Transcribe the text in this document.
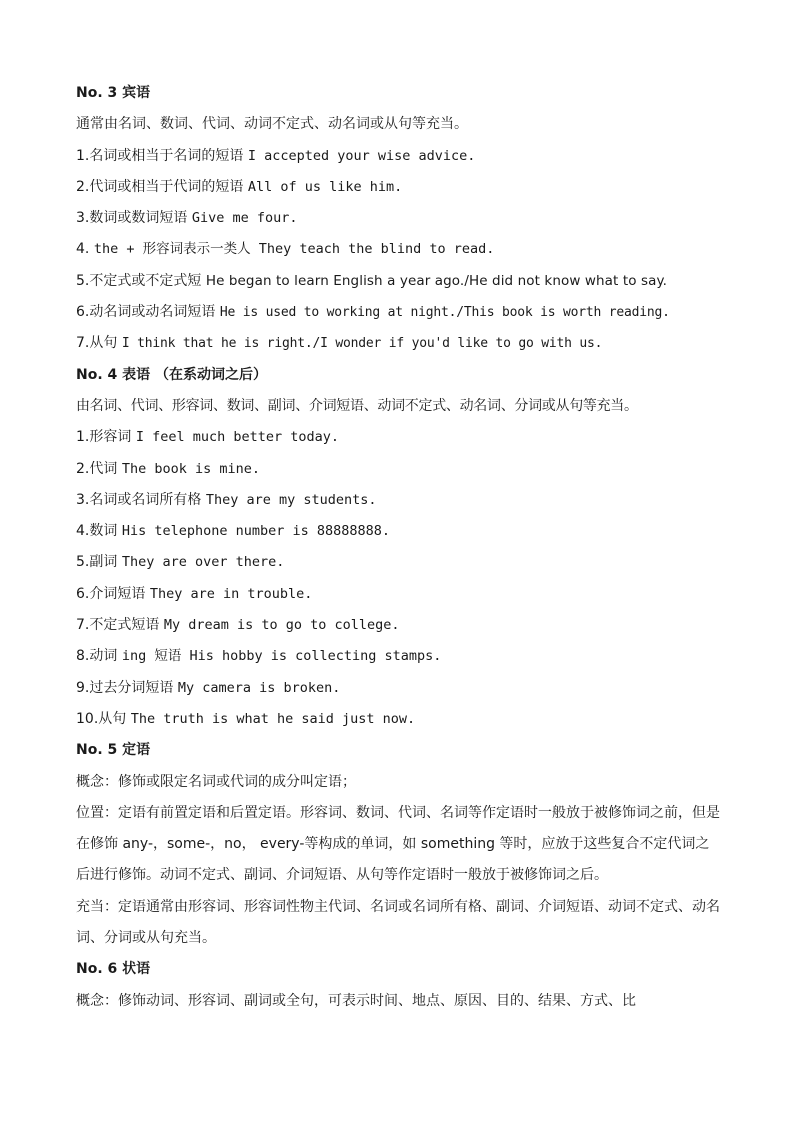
No. 3 宾语
通常由名词、数词、代词、动词不定式、动名词或从句等充当。
1.名词或相当于名词的短语 I accepted your wise advice.
2.代词或相当于代词的短语 All of us like him.
3.数词或数词短语 Give me four.
4. the + 形容词表示一类人 They teach the blind to read.
5.不定式或不定式短 He began to learn English a year ago./He did not know what to say.
6.动名词或动名词短语 He is used to working at night./This book is worth reading.
7.从句 I think that he is right./I wonder if you'd like to go with us.
No. 4 表语 （在系动词之后）
由名词、代词、形容词、数词、副词、介词短语、动词不定式、动名词、分词或从句等充当。
1.形容词 I feel much better today.
2.代词 The book is mine.
3.名词或名词所有格 They are my students.
4.数词 His telephone number is 88888888.
5.副词 They are over there.
6.介词短语 They are in trouble.
7.不定式短语 My dream is to go to college.
8.动词 ing 短语 His hobby is collecting stamps.
9.过去分词短语 My camera is broken.
10.从句 The truth is what he said just now.
No. 5 定语
概念：修饰或限定名词或代词的成分叫定语；
位置：定语有前置定语和后置定语。形容词、数词、代词、名词等作定语时一般放于被修饰词之前，但是在修饰 any-，some-，no， every-等构成的单词，如 something 等时，应放于这些复合不定代词之后进行修饰。动词不定式、副词、介词短语、从句等作定语时一般放于被修饰词之后。
充当：定语通常由形容词、形容词性物主代词、名词或名词所有格、副词、介词短语、动词不定式、动名词、分词或从句充当。
No. 6 状语
概念：修饰动词、形容词、副词或全句，可表示时间、地点、原因、目的、结果、方式、比
